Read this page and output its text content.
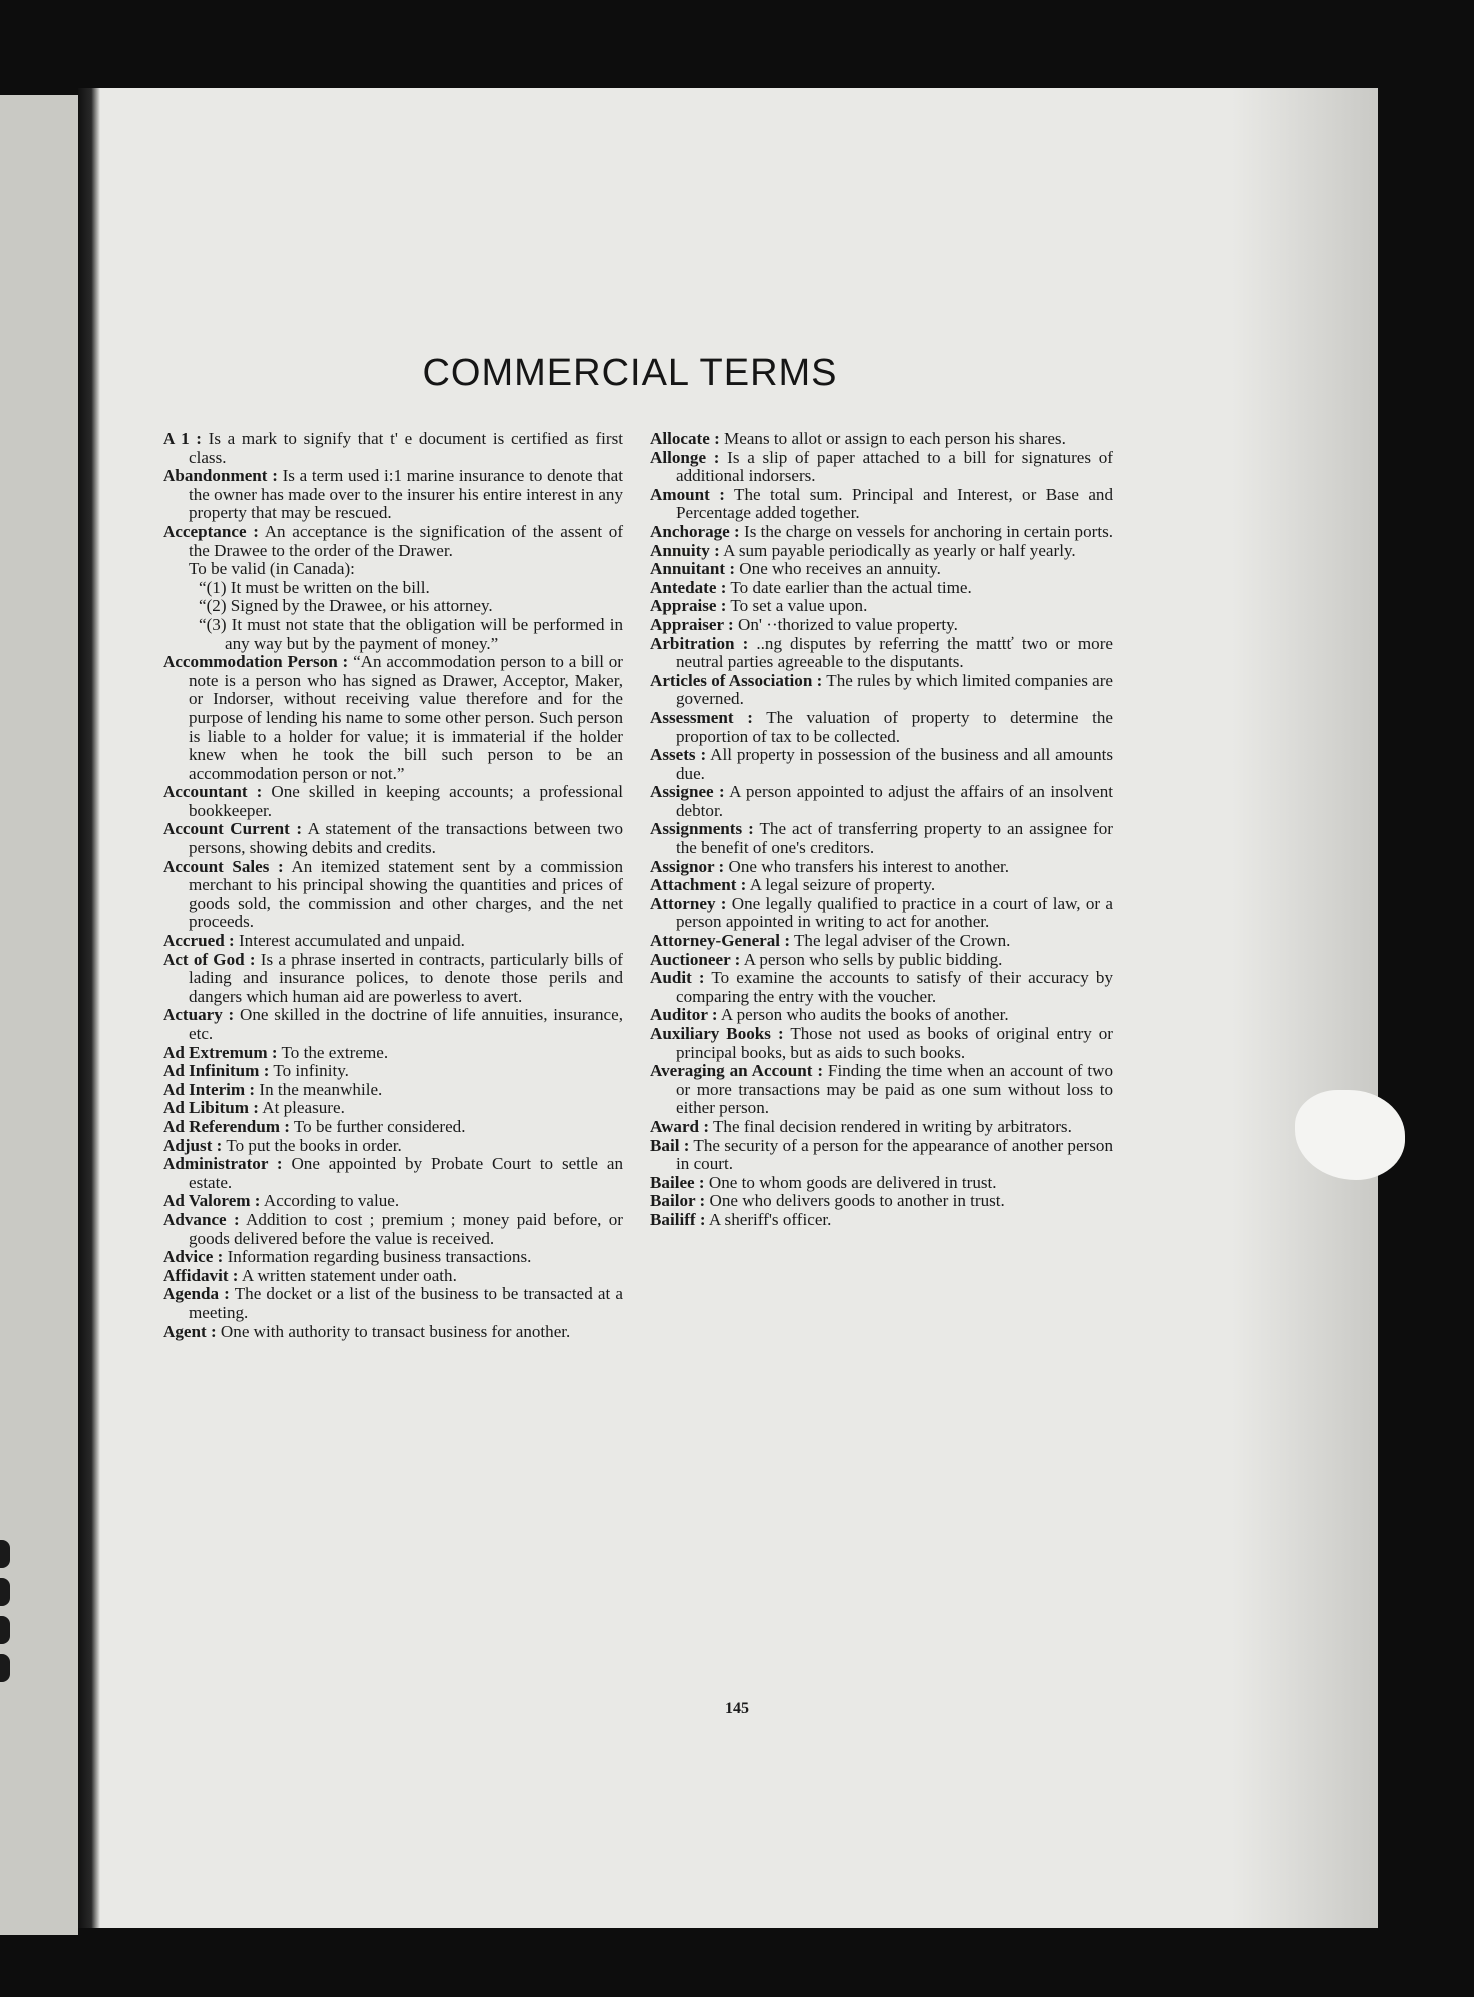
COMMERCIAL TERMS

A 1 : Is a mark to signify that t' e document is certified as first class.

Abandonment : Is a term used i:1 marine insurance to denote that the owner has made over to the insurer his entire interest in any property that may be rescued.

Acceptance : An acceptance is the signification of the assent of the Drawee to the order of the Drawer.

To be valid (in Canada):

“(1) It must be written on the bill.

“(2) Signed by the Drawee, or his attorney.

“(3) It must not state that the obligation will be performed in any way but by the payment of money.”

Accommodation Person : “An accommodation person to a bill or note is a person who has signed as Drawer, Acceptor, Maker, or Indorser, without receiving value therefore and for the purpose of lending his name to some other person. Such person is liable to a holder for value; it is immaterial if the holder knew when he took the bill such person to be an accommodation person or not.”

Accountant : One skilled in keeping accounts; a professional bookkeeper.

Account Current : A statement of the transactions between two persons, showing debits and credits.

Account Sales : An itemized statement sent by a commission merchant to his principal showing the quantities and prices of goods sold, the commission and other charges, and the net proceeds.

Accrued : Interest accumulated and unpaid.

Act of God : Is a phrase inserted in contracts, particularly bills of lading and insurance polices, to denote those perils and dangers which human aid are powerless to avert.

Actuary : One skilled in the doctrine of life annuities, insurance, etc.

Ad Extremum : To the extreme.

Ad Infinitum : To infinity.

Ad Interim : In the meanwhile.

Ad Libitum : At pleasure.

Ad Referendum : To be further considered.

Adjust : To put the books in order.

Administrator : One appointed by Probate Court to settle an estate.

Ad Valorem : According to value.

Advance : Addition to cost ; premium ; money paid before, or goods delivered before the value is received.

Advice : Information regarding business transactions.

Affidavit : A written statement under oath.

Agenda : The docket or a list of the business to be transacted at a meeting.

Agent : One with authority to transact business for another.

Allocate : Means to allot or assign to each person his shares.

Allonge : Is a slip of paper attached to a bill for signatures of additional indorsers.

Amount : The total sum. Principal and Interest, or Base and Percentage added together.

Anchorage : Is the charge on vessels for anchoring in certain ports.

Annuity : A sum payable periodically as yearly or half yearly.

Annuitant : One who receives an annuity.

Antedate : To date earlier than the actual time.

Appraise : To set a value upon.

Appraiser : On' ··thorized to value property.

Arbitration : ..ng disputes by referring the mattť two or more neutral parties agreeable to the disputants.

Articles of Association : The rules by which limited companies are governed.

Assessment : The valuation of property to determine the proportion of tax to be collected.

Assets : All property in possession of the business and all amounts due.

Assignee : A person appointed to adjust the affairs of an insolvent debtor.

Assignments : The act of transferring property to an assignee for the benefit of one's creditors.

Assignor : One who transfers his interest to another.

Attachment : A legal seizure of property.

Attorney : One legally qualified to practice in a court of law, or a person appointed in writing to act for another.

Attorney-General : The legal adviser of the Crown.

Auctioneer : A person who sells by public bidding.

Audit : To examine the accounts to satisfy of their accuracy by comparing the entry with the voucher.

Auditor : A person who audits the books of another.

Auxiliary Books : Those not used as books of original entry or principal books, but as aids to such books.

Averaging an Account : Finding the time when an account of two or more transactions may be paid as one sum without loss to either person.

Award : The final decision rendered in writing by arbitrators.

Bail : The security of a person for the appearance of another person in court.

Bailee : One to whom goods are delivered in trust.

Bailor : One who delivers goods to another in trust.

Bailiff : A sheriff's officer.

145
